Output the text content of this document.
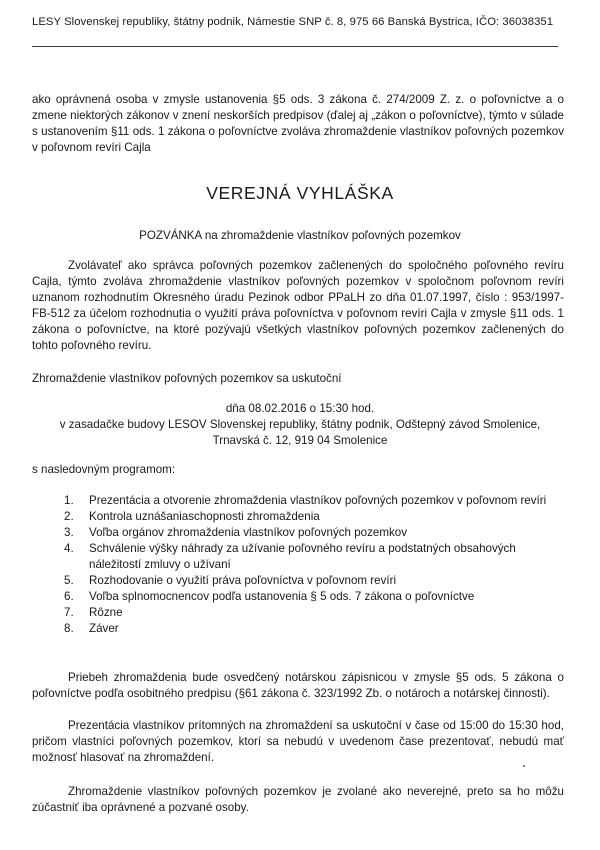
LESY Slovenskej republiky, štátny podnik, Námestie SNP č. 8, 975 66 Banská Bystrica, IČO: 36038351
ako oprávnená osoba v zmysle ustanovenia §5 ods. 3 zákona č. 274/2009 Z. z. o poľovníctve a o zmene niektorých zákonov v znení neskorších predpisov (ďalej aj „zákon o poľovníctve), týmto v súlade s ustanovením §11 ods. 1 zákona o poľovníctve zvoláva zhromaždenie vlastníkov poľovných pozemkov v poľovnom revíri Cajla
VEREJNÁ VYHLÁŠKA
POZVÁNKA na zhromaždenie vlastníkov poľovných pozemkov
Zvolávateľ ako správca poľovných pozemkov začlenených do spoločného poľovného revíru Cajla, týmto zvoláva zhromaždenie vlastníkov poľovných pozemkov v spoločnom poľovnom revíri uznanom rozhodnutím Okresného úradu Pezinok odbor PPaLH zo dňa 01.07.1997, číslo : 953/1997-FB-512 za účelom rozhodnutia o využití práva poľovníctva v poľovnom revíri Cajla v zmysle §11 ods. 1 zákona o poľovníctve, na ktoré pozývajú všetkých vlastníkov poľovných pozemkov začlenených do tohto poľovného revíru.
Zhromaždenie vlastníkov poľovných pozemkov sa uskutoční
dňa 08.02.2016 o 15:30 hod.
v zasadačke budovy LESOV Slovenskej republiky, štátny podnik, Odštepný závod Smolenice,
Trnavská č. 12, 919 04 Smolenice
s nasledovným programom:
1.	Prezentácia a otvorenie zhromaždenia vlastníkov poľovných pozemkov v poľovnom revíri
2.	Kontrola uznášaniaschopnosti zhromaždenia
3.	Voľba orgánov zhromaždenia vlastníkov poľovných pozemkov
4.	Schválenie výšky náhrady za užívanie poľovného revíru a podstatných obsahových náležitostí zmluvy o užívaní
5.	Rozhodovanie o využití práva poľovníctva v poľovnom revíri
6.	Voľba splnomocnencov podľa ustanovenia § 5 ods. 7 zákona o poľovníctve
7.	Rôzne
8.	Záver
Priebeh zhromaždenia bude osvedčený notárskou zápisnicou v zmysle §5 ods. 5 zákona o poľovníctve podľa osobitného predpisu (§61 zákona č. 323/1992 Zb. o notároch a notárskej činnosti).
Prezentácia vlastníkov prítomných na zhromaždení sa uskutoční v čase od 15:00 do 15:30 hod, pričom vlastníci poľovných pozemkov, ktorí sa nebudú v uvedenom čase prezentovať, nebudú mať možnosť hlasovať na zhromaždení.
Zhromaždenie vlastníkov poľovných pozemkov je zvolané ako neverejné, preto sa ho môžu zúčastniť iba oprávnené a pozvané osoby.
